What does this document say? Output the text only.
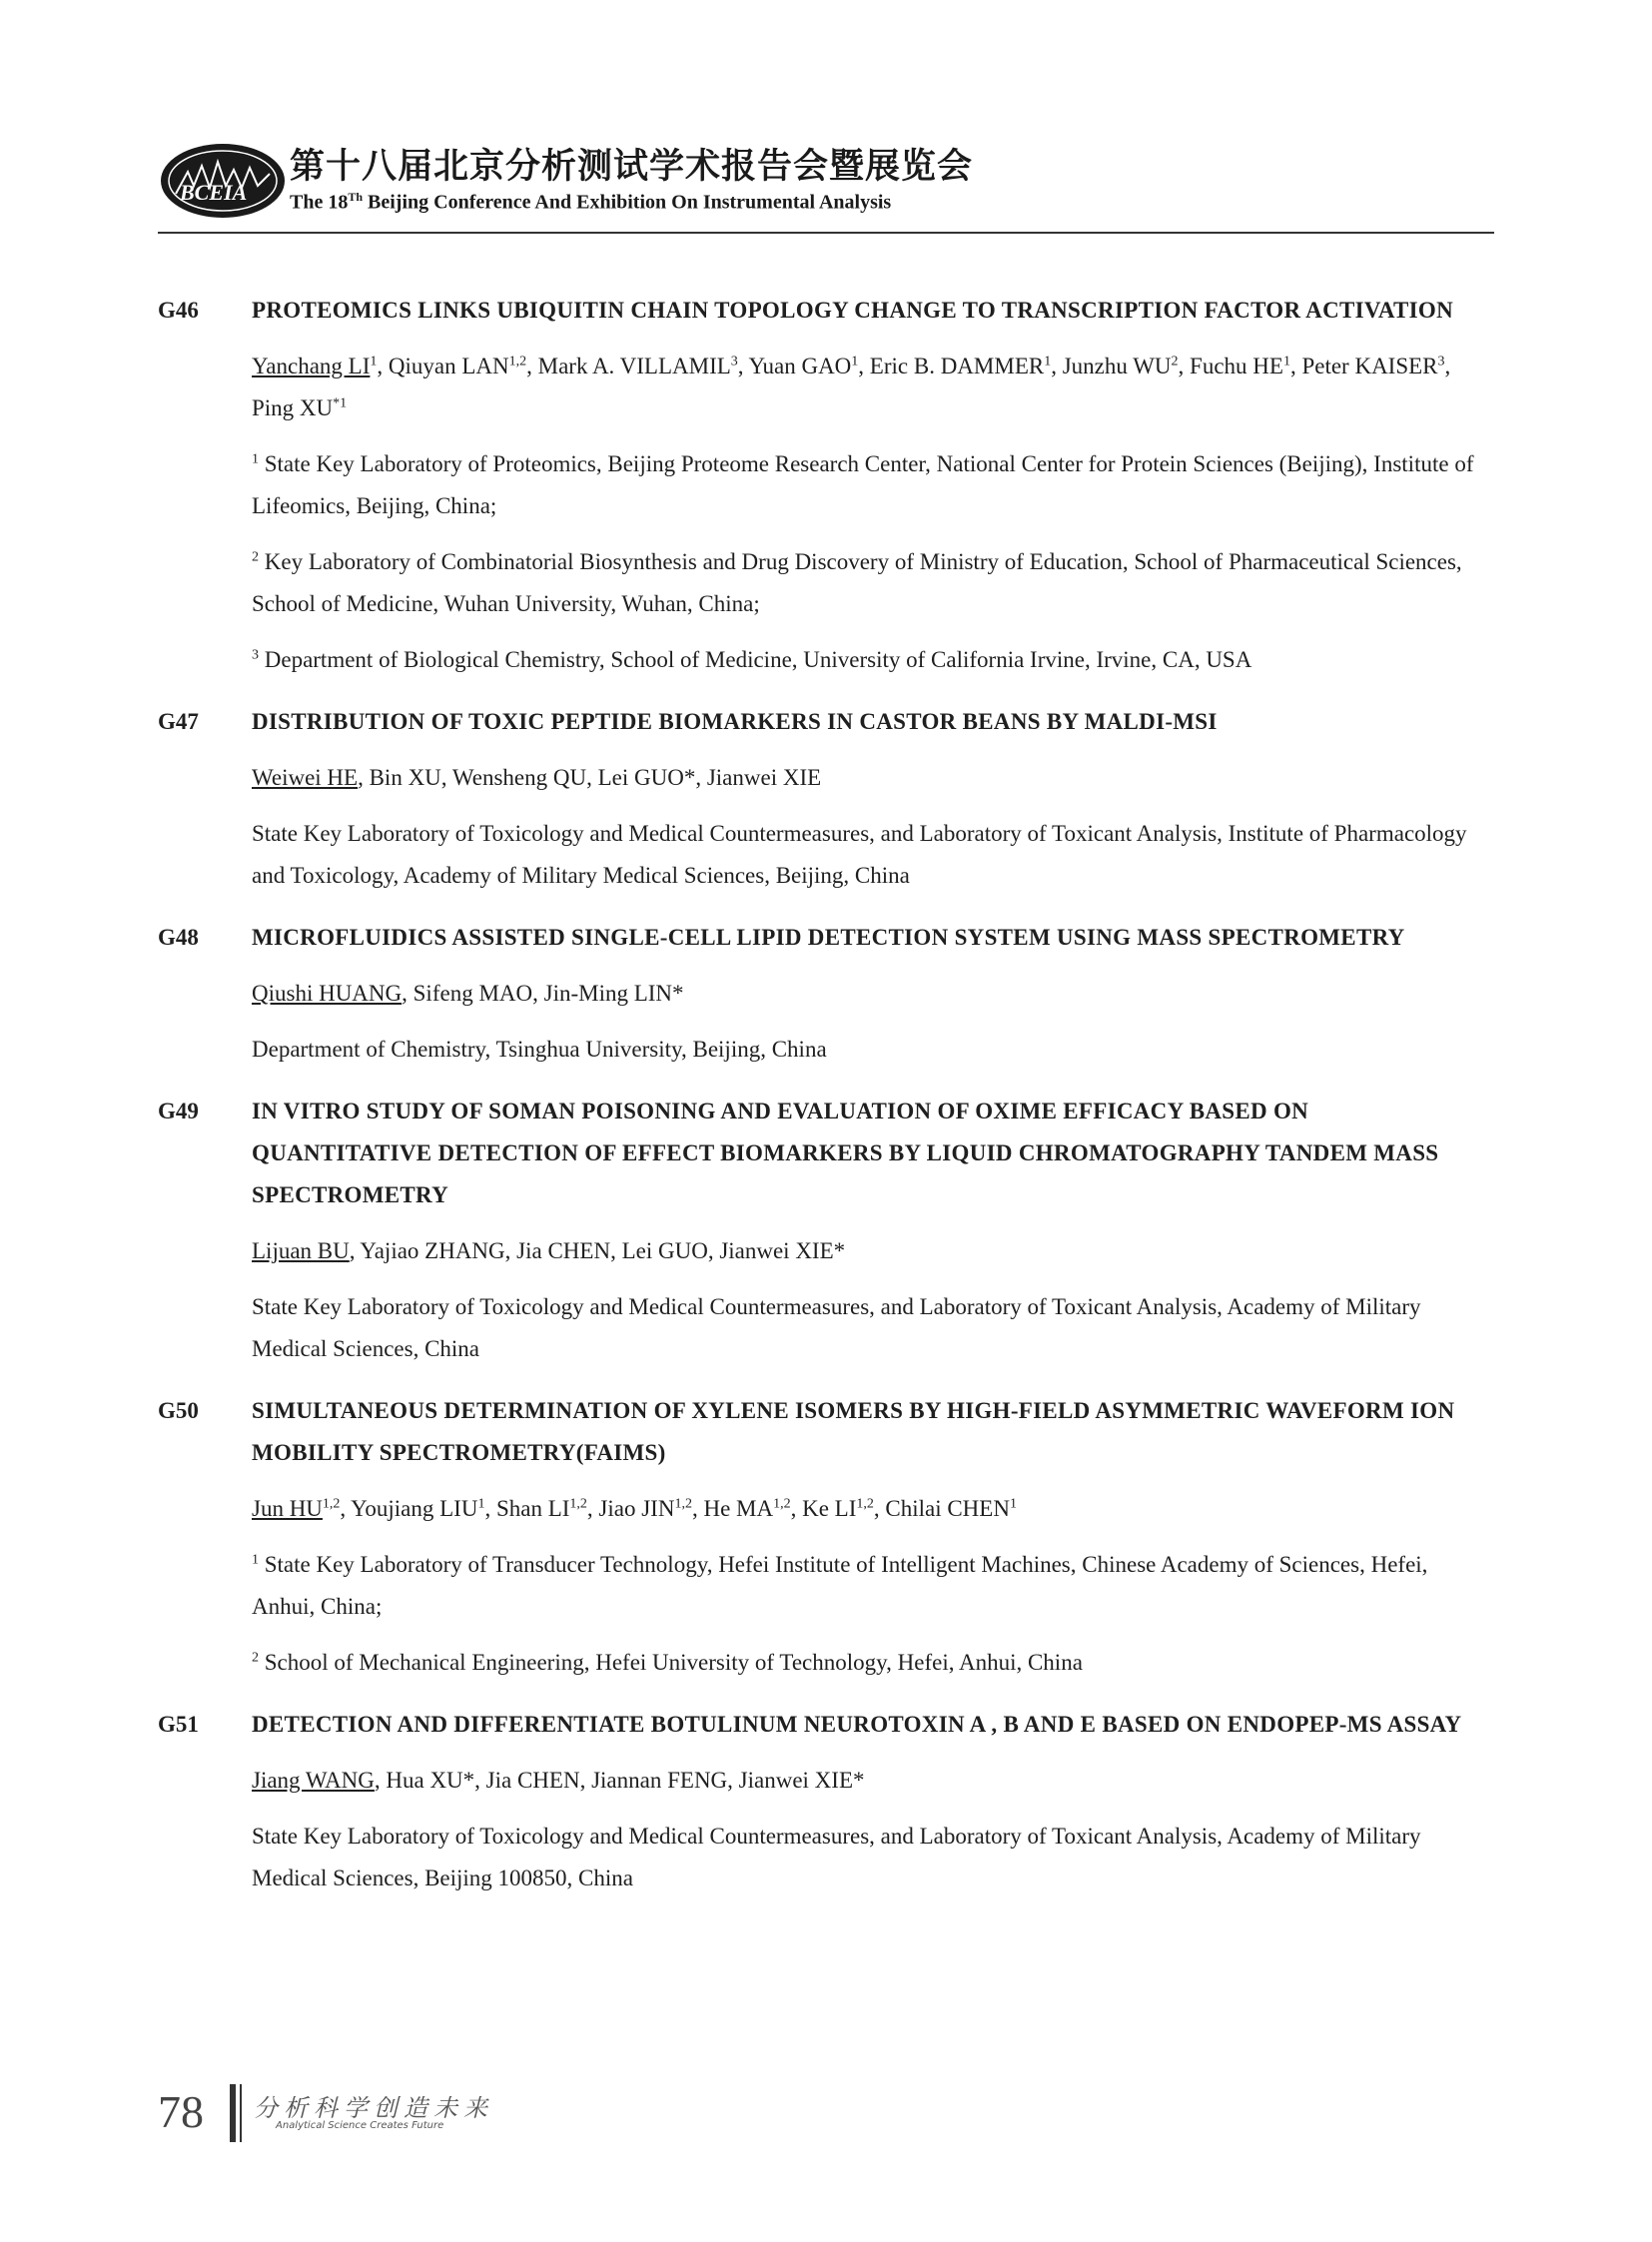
BCEIA
第十八届北京分析测试学术报告会暨展览会
The 18Th Beijing Conference And Exhibition On Instrumental Analysis
G46 PROTEOMICS LINKS UBIQUITIN CHAIN TOPOLOGY CHANGE TO TRANSCRIPTION FACTOR ACTIVATION
Yanchang $LI^1$, Qiuyan LAN$^{1,2}$, Mark A. VILLAMIL$^3$, Yuan GAO$^1$, Eric B. DAMMER$^1$, Junzhu $WU^2$, Fuchu $HE^1$, Peter KAISER$^3$, Ping XU$^{*1}$
$^1$ State Key Laboratory of Proteomics, Beijing Proteome Research Center, National Center for Protein Sciences (Beijing), Institute of Lifeomics, Beijing, China;
$^2$ Key Laboratory of Combinatorial Biosynthesis and Drug Discovery of Ministry of Education, School of Pharmaceutical Sciences, School of Medicine, Wuhan University, Wuhan, China;
$^3$ Department of Biological Chemistry, School of Medicine, University of California Irvine, Irvine, CA, USA
G47 DISTRIBUTION OF TOXIC PEPTIDE BIOMARKERS IN CASTOR BEANS BY MALDI-MSI
Weiwei HE, Bin XU, Wensheng QU, Lei GUO*, Jianwei XIE
State Key Laboratory of Toxicology and Medical Countermeasures, and Laboratory of Toxicant Analysis, Institute of Pharmacology and Toxicology, Academy of Military Medical Sciences, Beijing, China
G48 MICROFLUIDICS ASSISTED SINGLE-CELL LIPID DETECTION SYSTEM USING MASS SPECTROMETRY
Qiushi HUANG, Sifeng MAO, Jin-Ming LIN*
Department of Chemistry, Tsinghua University, Beijing, China
G49 IN VITRO STUDY OF SOMAN POISONING AND EVALUATION OF OXIME EFFICACY BASED ON QUANTITATIVE DETECTION OF EFFECT BIOMARKERS BY LIQUID CHROMATOGRAPHY TANDEM MASS SPECTROMETRY
Lijuan BU, Yajiao ZHANG, Jia CHEN, Lei GUO, Jianwei XIE*
State Key Laboratory of Toxicology and Medical Countermeasures, and Laboratory of Toxicant Analysis, Academy of Military Medical Sciences, China
G50 SIMULTANEOUS DETERMINATION OF XYLENE ISOMERS BY HIGH-FIELD ASYMMETRIC WAVEFORM ION MOBILITY SPECTROMETRY(FAIMS)
Jun HU$^{1,2}$, Youjiang LIU$^1$, Shan LI$^{1,2}$, Jiao JIN$^{1,2}$, He MA$^{1,2}$, Ke LI$^{1,2}$, Chilai CHEN$^1$
$^1$ State Key Laboratory of Transducer Technology, Hefei Institute of Intelligent Machines, Chinese Academy of Sciences, Hefei, Anhui, China;
$^2$ School of Mechanical Engineering, Hefei University of Technology, Hefei, Anhui, China
G51 DETECTION AND DIFFERENTIATE BOTULINUM NEUROTOXIN A , B AND E BASED ON ENDOPEP-MS ASSAY
Jiang WANG, Hua XU*, Jia CHEN, Jiannan FENG, Jianwei XIE*
State Key Laboratory of Toxicology and Medical Countermeasures, and Laboratory of Toxicant Analysis, Academy of Military Medical Sciences, Beijing 100850, China
78 分析科学创造未来
Analytical Science Creates Future
